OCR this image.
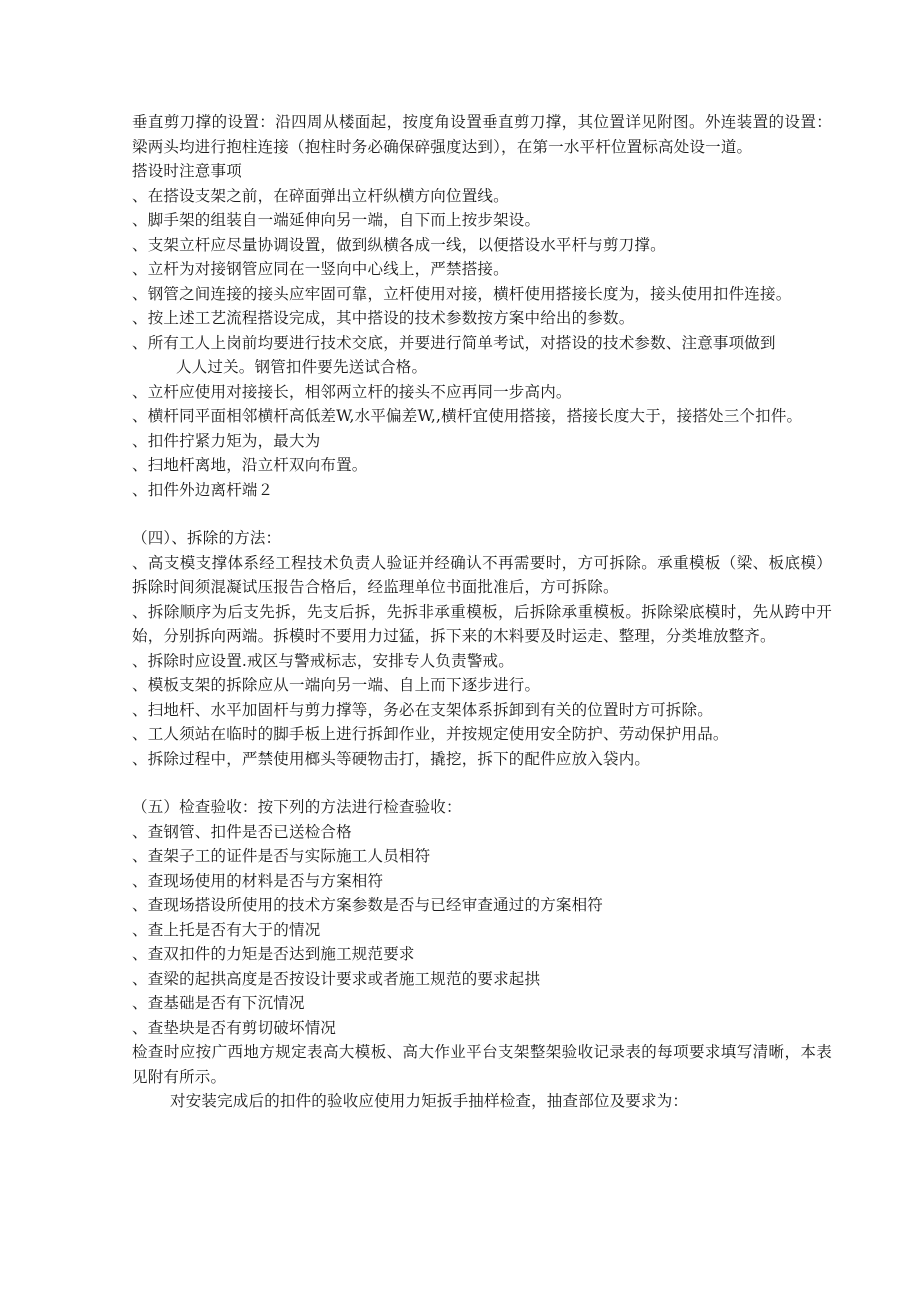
垂直剪刀撑的设置：沿四周从楼面起，按度角设置垂直剪刀撑，其位置详见附图。外连装置的设置：梁两头均进行抱柱连接（抱柱时务必确保碎强度达到），在第一水平杆位置标高处设一道。

搭设时注意事项

、在搭设支架之前，在碎面弹出立杆纵横方向位置线。

、脚手架的组装自一端延伸向另一端，自下而上按步架设。

、支架立杆应尽量协调设置，做到纵横各成一线，以便搭设水平杆与剪刀撑。

、立杆为对接钢管应同在一竖向中心线上，严禁搭接。

、钢管之间连接的接头应牢固可靠，立杆使用对接，横杆使用搭接长度为，接头使用扣件连接。

、按上述工艺流程搭设完成，其中搭设的技术参数按方案中给出的参数。

、所有工人上岗前均要进行技术交底，并要进行简单考试，对搭设的技术参数、注意事项做到
人人过关。钢管扣件要先送试合格。

、立杆应使用对接接长，相邻两立杆的接头不应再同一步高内。

、横杆同平面相邻横杆高低差W,水平偏差W,,横杆宜使用搭接，搭接长度大于，接搭处三个扣件。

、扣件拧紧力矩为，最大为

、扫地杆离地，沿立杆双向布置。

、扣件外边离杆端２

（四）、拆除的方法：

、高支模支撑体系经工程技术负责人验证并经确认不再需要时，方可拆除。承重模板（梁、板底模）拆除时间须混凝试压报告合格后，经监理单位书面批准后，方可拆除。

、拆除顺序为后支先拆，先支后拆，先拆非承重模板，后拆除承重模板。拆除梁底模时，先从跨中开始，分别拆向两端。拆模时不要用力过猛，拆下来的木料要及时运走、整理，分类堆放整齐。

、拆除时应设置.戒区与警戒标志，安排专人负责警戒。

、模板支架的拆除应从一端向另一端、自上而下逐步进行。

、扫地杆、水平加固杆与剪力撑等，务必在支架体系拆卸到有关的位置时方可拆除。

、工人须站在临时的脚手板上进行拆卸作业，并按规定使用安全防护、劳动保护用品。

、拆除过程中，严禁使用榔头等硬物击打，撬挖，拆下的配件应放入袋内。

（五）检查验收：按下列的方法进行检查验收：

、查钢管、扣件是否已送检合格

、查架子工的证件是否与实际施工人员相符

、查现场使用的材料是否与方案相符

、查现场搭设所使用的技术方案参数是否与已经审查通过的方案相符

、查上托是否有大于的情况

、查双扣件的力矩是否达到施工规范要求

、查梁的起拱高度是否按设计要求或者施工规范的要求起拱

、查基础是否有下沉情况

、查垫块是否有剪切破坏情况

检查时应按广西地方规定表高大模板、高大作业平台支架整架验收记录表的每项要求填写清晰，本表见附有所示。

对安装完成后的扣件的验收应使用力矩扳手抽样检查，抽查部位及要求为：
